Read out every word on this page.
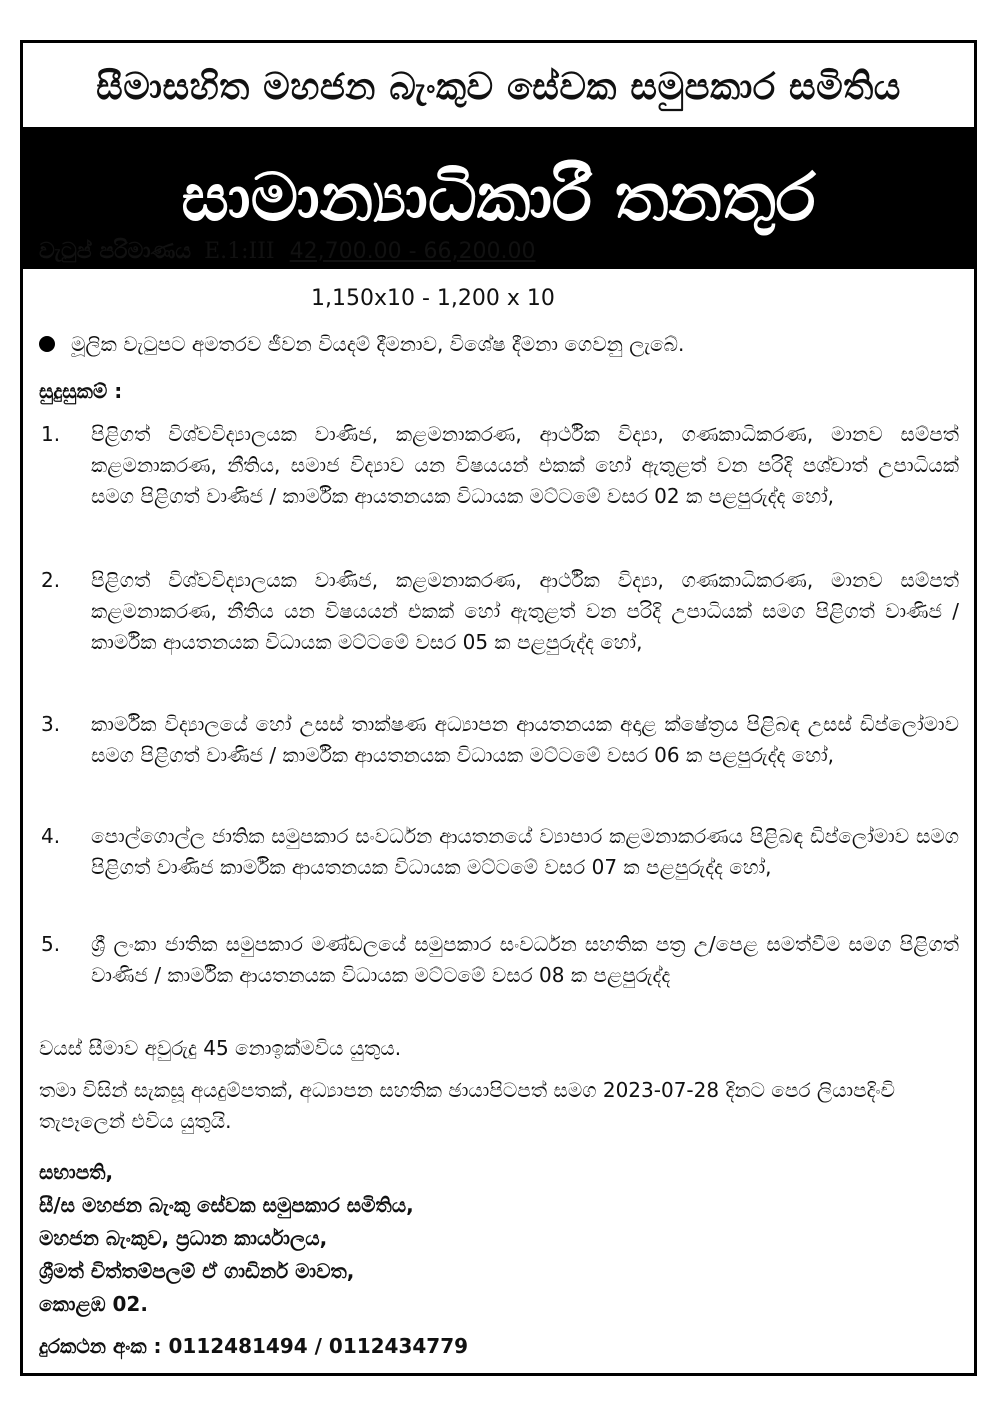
සීමාසහිත මහජන බැංකුව සේවක සමුපකාර සමිතිය
සාමාන්‍යාධිකාරී තනතුර
වැටුප් පරිමාණය E.1:III 42,700.00 - 66,200.00
1,150x10 - 1,200 x 10
මූලික වැටුපට අමතරව ජීවන වියදම් දීමනාව, විශේෂ දීමනා ගෙවනු ලැබේ.
සුදුසුකම් :
1.	පිළිගත් විශ්වවිද්‍යාලයක වාණිජ, කළමනාකරණ, ආර්ථික විද්‍යා, ගණකාධිකරණ, මානව සම්පත් කළමනාකරණ, නීතිය, සමාජ විද්‍යාව යන විෂයයන් එකක් හෝ ඇතුළත් වන පරිදි පශ්චාත් උපාධියක් සමග පිළිගත් වාණිජ / කාර්මික ආයතනයක විධායක මට්ටමේ වසර 02 ක පළපුරුද්ද හෝ,
2.	පිළිගත් විශ්වවිද්‍යාලයක වාණිජ, කළමනාකරණ, ආර්ථික විද්‍යා, ගණකාධිකරණ, මානව සම්පත් කළමනාකරණ, නීතිය යන විෂයයන් එකක් හෝ ඇතුළත් වන පරිදි උපාධියක් සමග පිළිගත් වාණිජ / කාර්මික ආයතනයක විධායක මට්ටමේ වසර 05 ක පළපුරුද්ද හෝ,
3.	කාර්මික විද්‍යාලයේ හෝ උසස් තාක්ෂණ අධ්‍යාපන ආයතනයක අදාළ ක්ෂේත්‍රය පිළිබඳ උසස් ඩිප්ලෝමාව සමග පිළිගත් වාණිජ / කාර්මික ආයතනයක විධායක මට්ටමේ වසර 06 ක පළපුරුද්ද හෝ,
4.	පොල්ගොල්ල ජාතික සමුපකාර සංවර්ධන ආයතනයේ ව්‍යාපාර කළමනාකරණය පිළිබඳ ඩිප්ලෝමාව සමග පිළිගත් වාණිජ කාර්මික ආයතනයක විධායක මට්ටමේ වසර 07 ක පළපුරුද්ද හෝ,
5.	ශ්‍රී ලංකා ජාතික සමුපකාර මණ්ඩලයේ සමුපකාර සංවර්ධන සහතික පත්‍ර උ/පෙළ සමත්වීම සමග පිළිගත් වාණිජ / කාර්මික ආයතනයක විධායක මට්ටමේ වසර 08 ක පළපුරුද්ද
වයස් සීමාව අවුරුදු 45 නොඉක්මවිය යුතුය.
තමා විසින් සැකසූ අයදුම්පතක්, අධ්‍යාපන සහතික ඡායාපිටපත් සමග 2023-07-28 දිනට පෙර ලියාපදිංචි තැපෑලෙන් එවිය යුතුයි.
සභාපති,
සී/ස මහජන බැංකු සේවක සමුපකාර සමිතිය,
මහජන බැංකුව, ප්‍රධාන කාර්යාලය,
ශ්‍රීමත් චිත්තම්පලම් ඒ ගාඩිනර් මාවත,
කොළඹ 02.
දුරකථන අංක : 0112481494 / 0112434779
